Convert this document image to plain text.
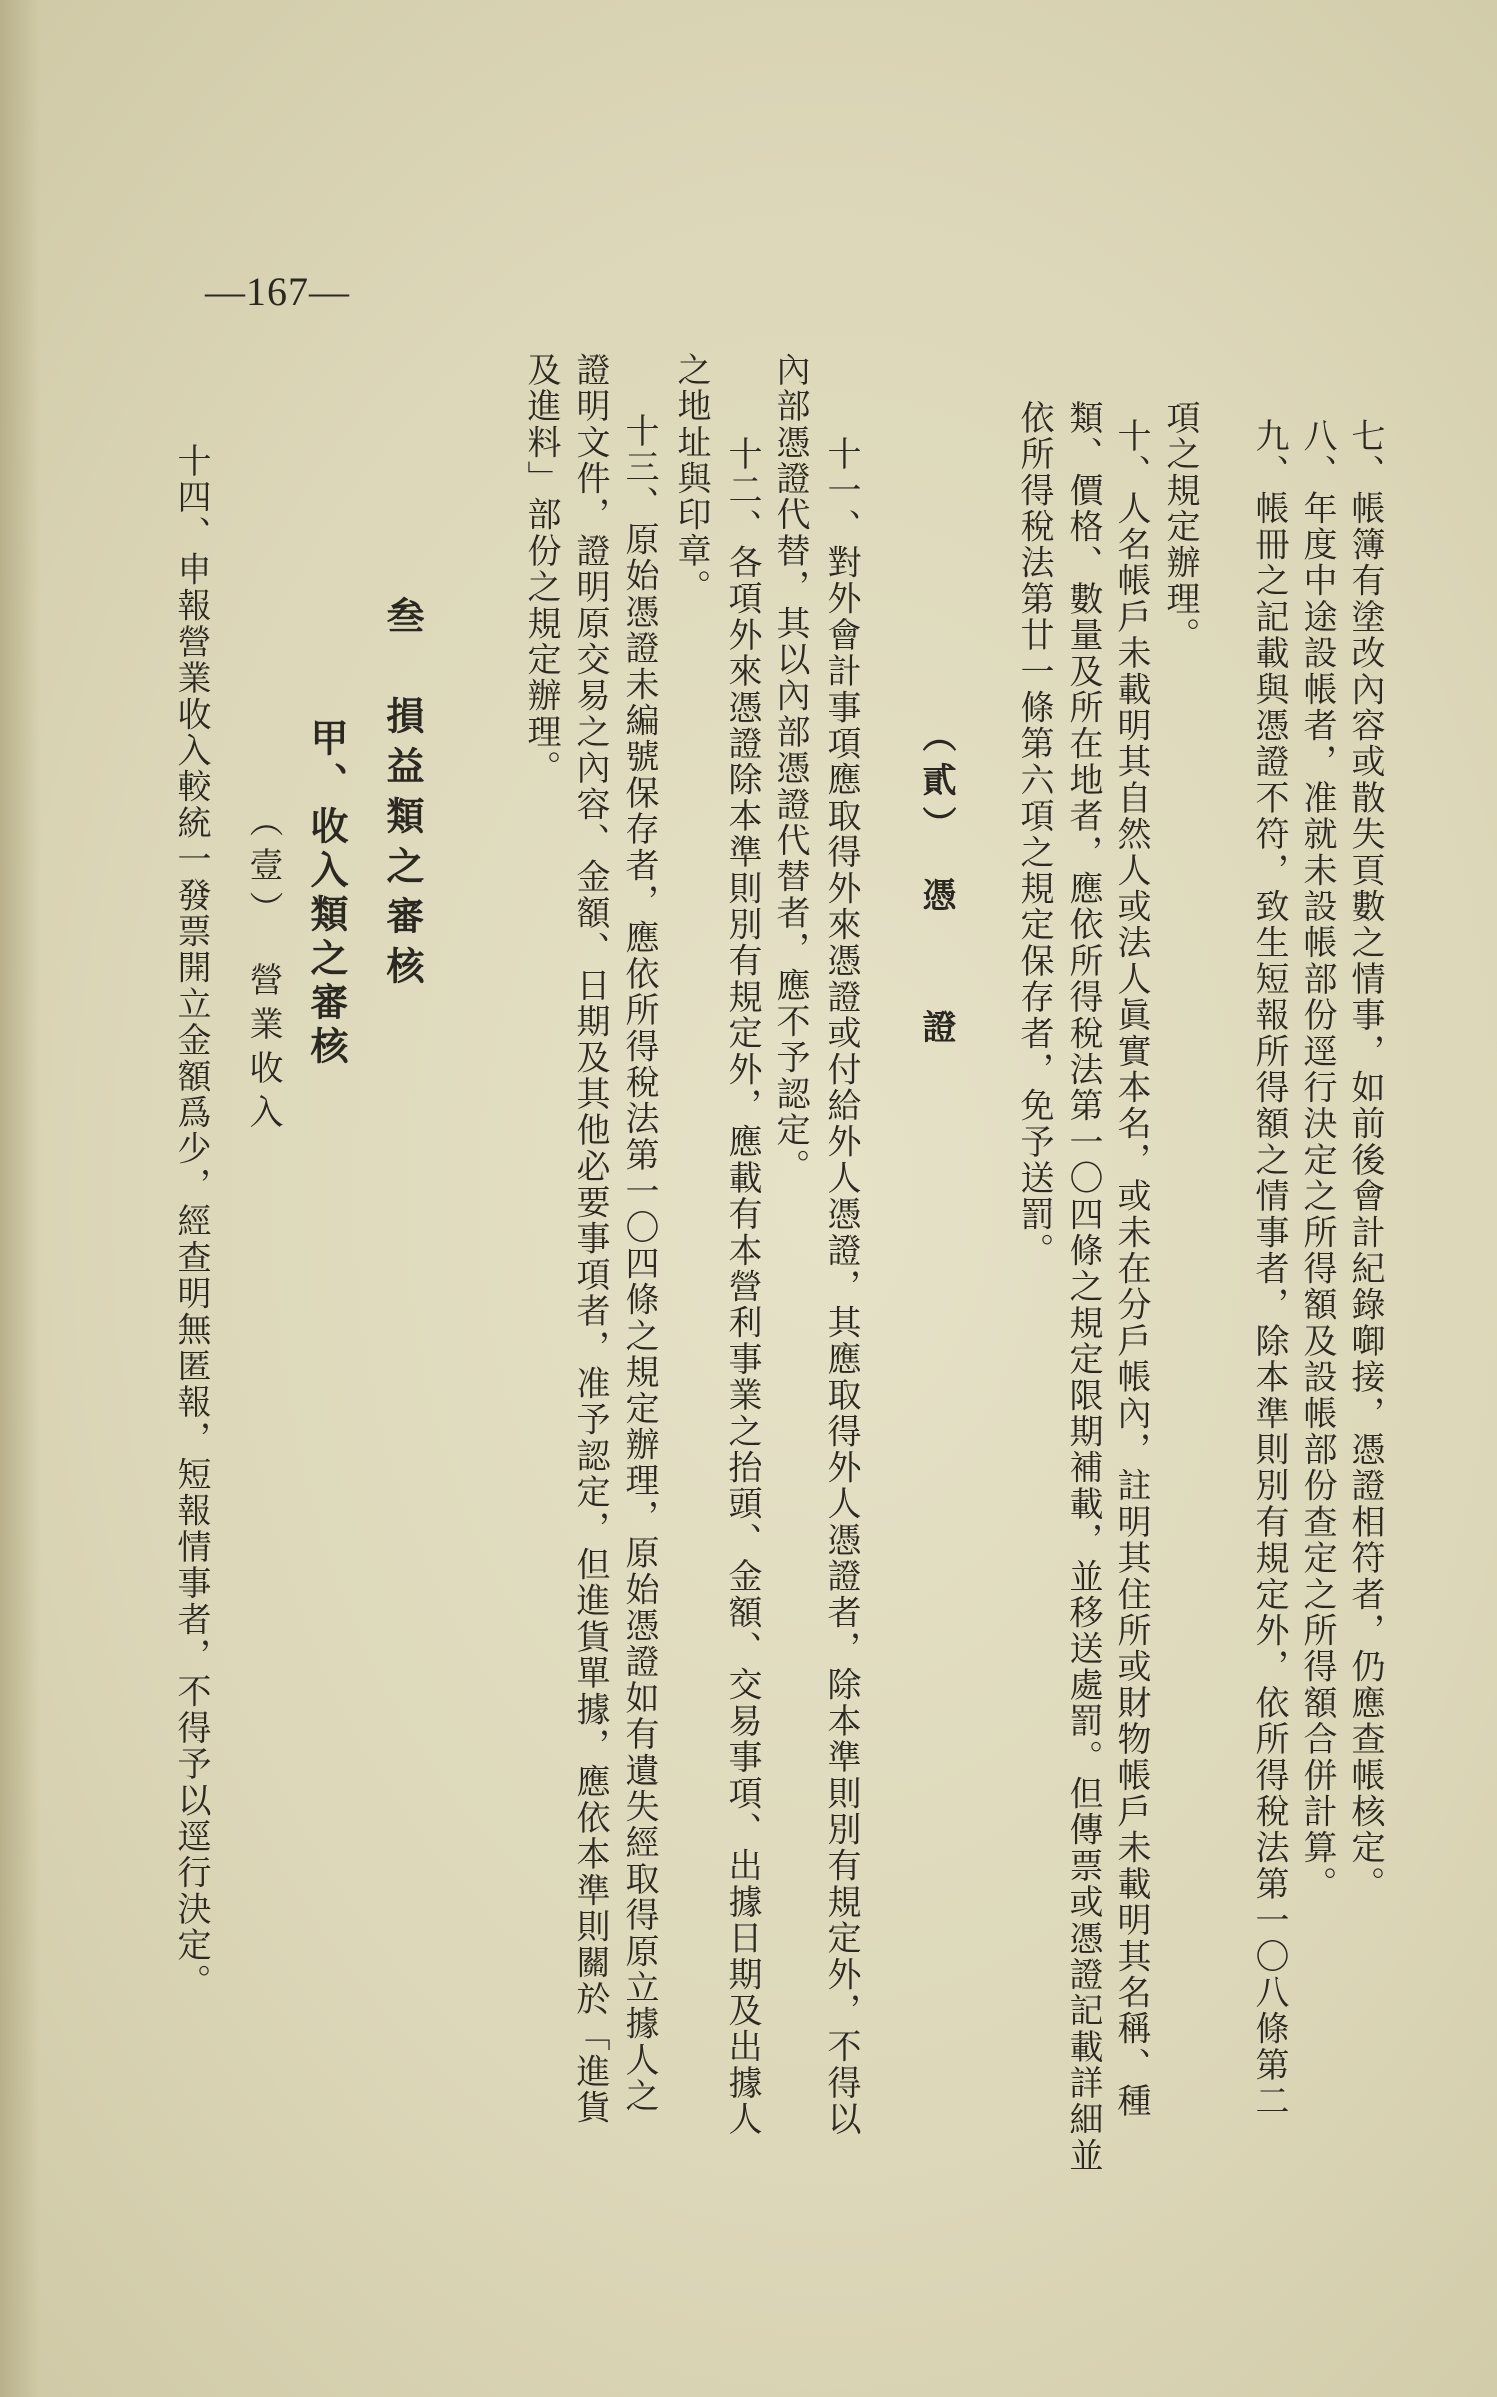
—167—
七、帳簿有塗改內容或散失頁數之情事，如前後會計紀錄啣接，憑證相符者，仍應查帳核定。
八、年度中途設帳者，准就未設帳部份逕行決定之所得額及設帳部份查定之所得額合併計算。
九、帳冊之記載與憑證不符，致生短報所得額之情事者，除本準則別有規定外，依所得稅法第一〇八條第二
項之規定辦理。
十、人名帳戶未載明其自然人或法人眞實本名，或未在分戶帳內，註明其住所或財物帳戶未載明其名稱、種
類、價格、數量及所在地者，應依所得稅法第一〇四條之規定限期補載，並移送處罰。但傳票或憑證記載詳細並
依所得稅法第廿一條第六項之規定保存者，免予送罰。
（貳）　憑　　證
十一、對外會計事項應取得外來憑證或付給外人憑證，其應取得外人憑證者，除本準則別有規定外，不得以
內部憑證代替，其以內部憑證代替者，應不予認定。
十二、各項外來憑證除本準則別有規定外，應載有本營利事業之抬頭、金額、交易事項、出據日期及出據人
之地址與印章。
十三、原始憑證未編號保存者，應依所得稅法第一〇四條之規定辦理，原始憑證如有遺失經取得原立據人之
證明文件，證明原交易之內容、金額、日期及其他必要事項者，准予認定，但進貨單據，應依本準則關於「進貨
及進料」部份之規定辦理。
叁　損益類之審核
甲、收入類之審核
（壹）　營業收入
十四、申報營業收入較統一發票開立金額爲少，經查明無匿報，短報情事者，不得予以逕行決定。
